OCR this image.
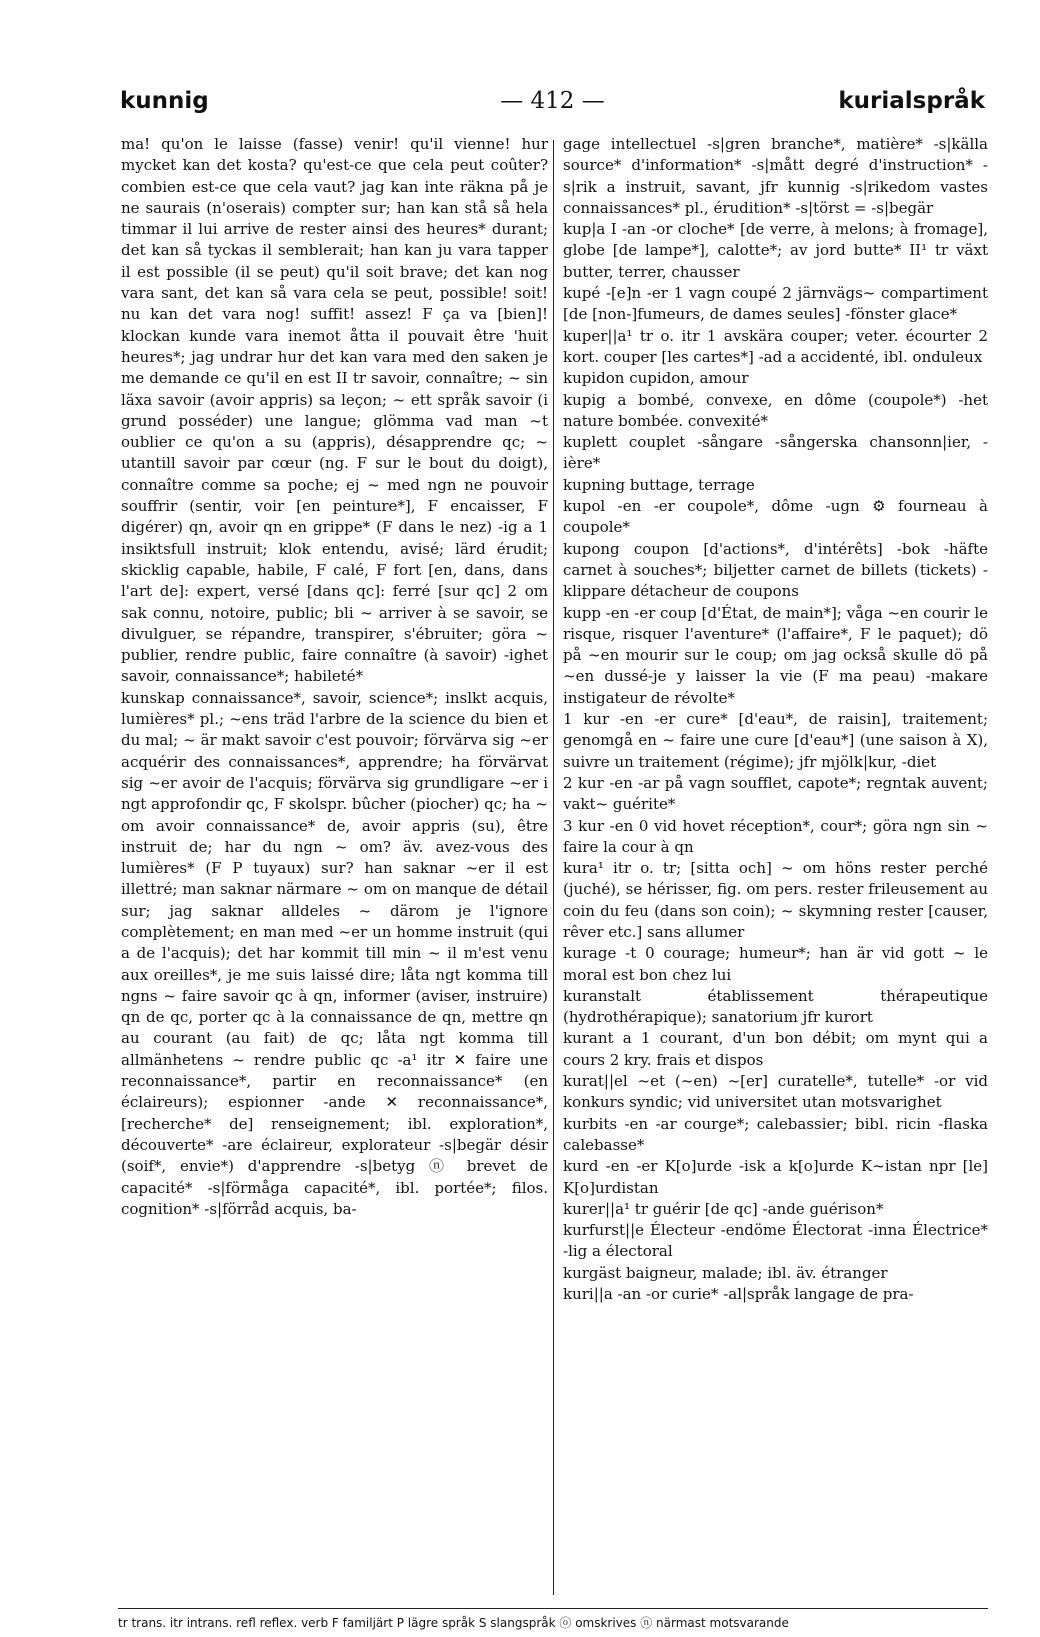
kunnig	— 412 —	kurialspråk

ma! qu'on le laisse (fasse) venir! qu'il vienne! hur mycket kan det kosta? qu'est-ce que cela peut coûter? combien est-ce que cela vaut? jag kan inte räkna på je ne saurais (n'oserais) compter sur; han kan stå så hela timmar il lui arrive de rester ainsi des heures* durant; det kan så tyckas il semblerait; han kan ju vara tapper il est possible (il se peut) qu'il soit brave; det kan nog vara sant, det kan så vara cela se peut, possible! soit! nu kan det vara nog! suffit! assez! F ça va [bien]! klockan kunde vara inemot åtta il pouvait être 'huit heures*; jag undrar hur det kan vara med den saken je me demande ce qu'il en est II tr savoir, connaître; ~ sin läxa savoir (avoir appris) sa leçon; ~ ett språk savoir (i grund posséder) une langue; glömma vad man ~t oublier ce qu'on a su (appris), désapprendre qc; ~ utantill savoir par cœur (ng. F sur le bout du doigt), connaître comme sa poche; ej ~ med ngn ne pouvoir souffrir (sentir, voir [en peinture*], F encaisser, F digérer) qn, avoir qn en grippe* (F dans le nez) -ig a 1 insiktsfull instruit; klok entendu, avisé; lärd érudit; skicklig capable, habile, F calé, F fort [en, dans, dans l'art de]: expert, versé [dans qc]: ferré [sur qc] 2 om sak connu, notoire, public; bli ~ arriver à se savoir, se divulguer, se répandre, transpirer, s'ébruiter; göra ~ publier, rendre public, faire connaître (à savoir) -ighet savoir, connaissance*; habileté*

kunskap connaissance*, savoir, science*; inslkt acquis, lumières* pl.; ~ens träd l'arbre de la science du bien et du mal; ~ är makt savoir c'est pouvoir; förvärva sig ~er acquérir des connaissances*, apprendre; ha förvärvat sig ~er avoir de l'acquis; förvärva sig grundligare ~er i ngt approfondir qc, F skolspr. bûcher (piocher) qc; ha ~ om avoir connaissance* de, avoir appris (su), être instruit de; har du ngn ~ om? äv. avez-vous des lumières* (F P tuyaux) sur? han saknar ~er il est illettré; man saknar närmare ~ om on manque de détail sur; jag saknar alldeles ~ därom je l'ignore complètement; en man med ~er un homme instruit (qui a de l'acquis); det har kommit till min ~ il m'est venu aux oreilles*, je me suis laissé dire; låta ngt komma till ngns ~ faire savoir qc à qn, informer (aviser, instruire) qn de qc, porter qc à la connaissance de qn, mettre qn au courant (au fait) de qc; låta ngt komma till allmänhetens ~ rendre public qc -a¹ itr ✕ faire une reconnaissance*, partir en reconnaissance* (en éclaireurs); espionner -ande ✕ reconnaissance*, [recherche* de] renseignement; ibl. exploration*, découverte* -are éclaireur, explorateur -s|begär désir (soif*, envie*) d'apprendre -s|betyg ⓝ brevet de capacité* -s|förmåga capacité*, ibl. portée*; filos. cognition* -s|förråd acquis, ba-

gage intellectuel -s|gren branche*, matière* -s|källa source* d'information* -s|mått degré d'instruction* -s|rik a instruit, savant, jfr kunnig -s|rikedom vastes connaissances* pl., érudition* -s|törst = -s|begär

kup|a I -an -or cloche* [de verre, à melons; à fromage], globe [de lampe*], calotte*; av jord butte* II¹ tr växt butter, terrer, chausser

kupé -[e]n -er 1 vagn coupé 2 järnvägs~ compartiment [de [non-]fumeurs, de dames seules] -fönster glace*

kuper||a¹ tr o. itr 1 avskära couper; veter. écourter 2 kort. couper [les cartes*] -ad a accidenté, ibl. onduleux

kupidon cupidon, amour

kupig a bombé, convexe, en dôme (coupole*) -het nature bombée. convexité*

kuplett couplet -sångare -sångerska chansonn|ier, -ière*

kupning buttage, terrage

kupol -en -er coupole*, dôme -ugn ⚙ fourneau à coupole*

kupong coupon [d'actions*, d'intérêts] -bok -häfte carnet à souches*; biljetter carnet de billets (tickets) -klippare détacheur de coupons

kupp -en -er coup [d'État, de main*]; våga ~en courir le risque, risquer l'aventure* (l'affaire*, F le paquet); dö på ~en mourir sur le coup; om jag också skulle dö på ~en dussé-je y laisser la vie (F ma peau) -makare instigateur de révolte*

1 kur -en -er cure* [d'eau*, de raisin], traitement; genomgå en ~ faire une cure [d'eau*] (une saison à X), suivre un traitement (régime); jfr mjölk|kur, -diet

2 kur -en -ar på vagn soufflet, capote*; regntak auvent; vakt~ guérite*

3 kur -en 0 vid hovet réception*, cour*; göra ngn sin ~ faire la cour à qn

kura¹ itr o. tr; [sitta och] ~ om höns rester perché (juché), se hérisser, fig. om pers. rester frileusement au coin du feu (dans son coin); ~ skymning rester [causer, rêver etc.] sans allumer

kurage -t 0 courage; humeur*; han är vid gott ~ le moral est bon chez lui

kuranstalt établissement thérapeutique (hydrothérapique); sanatorium jfr kurort

kurant a 1 courant, d'un bon débit; om mynt qui a cours 2 kry. frais et dispos

kurat||el ~et (~en) ~[er] curatelle*, tutelle* -or vid konkurs syndic; vid universitet utan motsvarighet

kurbits -en -ar courge*; calebassier; bibl. ricin -flaska calebasse*

kurd -en -er K[o]urde -isk a k[o]urde K~istan npr [le] K[o]urdistan

kurer||a¹ tr guérir [de qc] -ande guérison*

kurfurst||e Électeur -endöme Électorat -inna Électrice* -lig a électoral

kurgäst baigneur, malade; ibl. äv. étranger

kuri||a -an -or curie* -al|språk langage de pra-

tr trans. itr intrans. refl reflex. verb F familjärt P lägre språk S slangspråk ⓞ omskrives ⓝ närmast motsvarande
